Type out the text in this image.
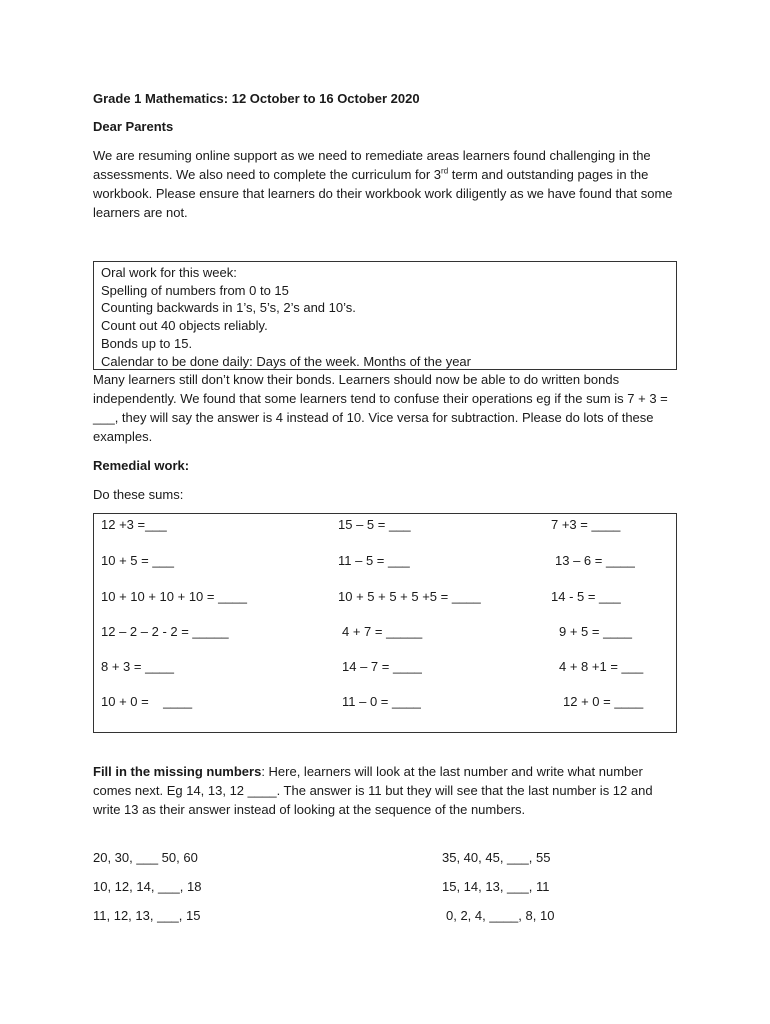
Grade 1 Mathematics: 12 October to 16 October 2020
Dear Parents
We are resuming online support as we need to remediate areas learners found challenging in the assessments. We also need to complete the curriculum for 3rd term and outstanding pages in the workbook. Please ensure that learners do their workbook work diligently as we have found that some learners are not.
Oral work for this week:
Spelling of numbers from 0 to 15
Counting backwards in 1’s, 5’s, 2’s and 10’s.
Count out 40 objects reliably.
Bonds up to 15.
Calendar to be done daily: Days of the week. Months of the year
Many learners still don’t know their bonds. Learners should now be able to do written bonds independently. We found that some learners tend to confuse their operations eg if the sum is 7 + 3 = ___, they will say the answer is 4 instead of 10. Vice versa for subtraction. Please do lots of these examples.
Remedial work:
Do these sums:
12 +3 =___
10 + 5 = ___
10 + 10 + 10 + 10 = ____
12 – 2 – 2 - 2 = _____
8 + 3 = ____
10 + 0 =    ____
15 – 5 = ___
11 – 5 = ___
10 + 5 + 5 + 5 +5 = ____
4 + 7 = _____
14 – 7 = ____
11 – 0 = ____
7 +3 = ____
13 – 6 = ____
14 - 5 = ___
9 + 5 = ____
4 + 8 +1 = ___
12 + 0 = ____
Fill in the missing numbers: Here, learners will look at the last number and write what number comes next. Eg 14, 13, 12 ____. The answer is 11 but they will see that the last number is 12 and write 13 as their answer instead of looking at the sequence of the numbers.
20, 30, ___ 50, 60
10, 12, 14, ___, 18
11, 12, 13, ___, 15
35, 40, 45, ___, 55
15, 14, 13, ___, 11
0, 2, 4, ____, 8, 10
